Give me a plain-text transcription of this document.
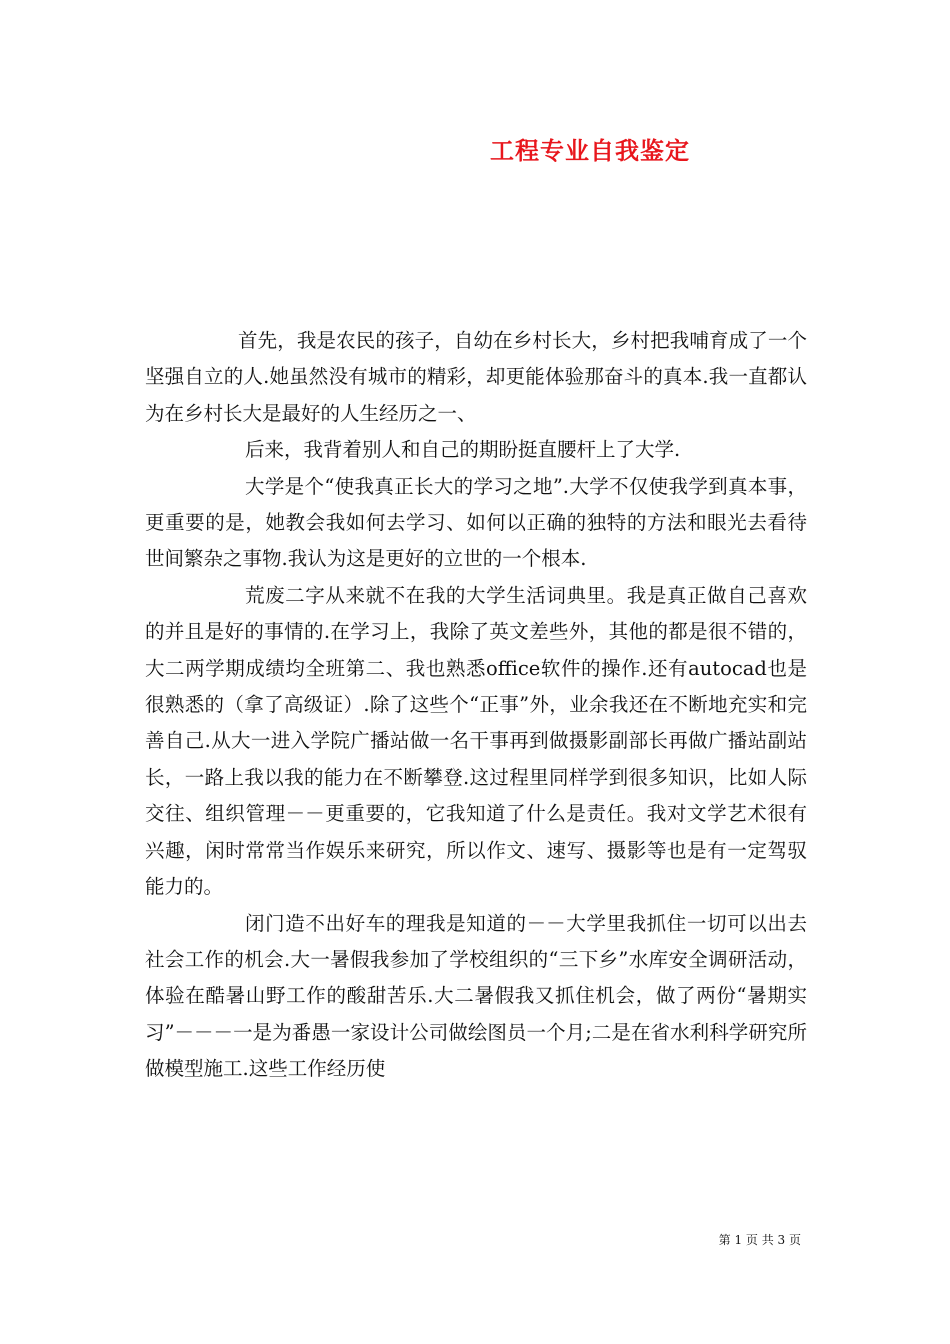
工程专业自我鉴定

首先，我是农民的孩子，自幼在乡村长大，乡村把我哺育成了一个坚强自立的人.她虽然没有城市的精彩，却更能体验那奋斗的真本.我一直都认为在乡村长大是最好的人生经历之一、

后来，我背着别人和自己的期盼挺直腰杆上了大学.

大学是个“使我真正长大的学习之地”.大学不仅使我学到真本事，更重要的是，她教会我如何去学习、如何以正确的独特的方法和眼光去看待世间繁杂之事物.我认为这是更好的立世的一个根本.

荒废二字从来就不在我的大学生活词典里。我是真正做自己喜欢的并且是好的事情的.在学习上，我除了英文差些外，其他的都是很不错的，大二两学期成绩均全班第二、我也熟悉office软件的操作.还有autocad也是很熟悉的（拿了高级证）.除了这些个“正事”外，业余我还在不断地充实和完善自己.从大一进入学院广播站做一名干事再到做摄影副部长再做广播站副站长，一路上我以我的能力在不断攀登.这过程里同样学到很多知识，比如人际交往、组织管理－－更重要的，它我知道了什么是责任。我对文学艺术很有兴趣，闲时常常当作娱乐来研究，所以作文、速写、摄影等也是有一定驾驭能力的。

闭门造不出好车的理我是知道的－－大学里我抓住一切可以出去社会工作的机会.大一暑假我参加了学校组织的“三下乡”水库安全调研活动，体验在酷暑山野工作的酸甜苦乐.大二暑假我又抓住机会，做了两份“暑期实习”－－－一是为番愚一家设计公司做绘图员一个月;二是在省水利科学研究所做模型施工.这些工作经历使

第 1 页 共 3 页
